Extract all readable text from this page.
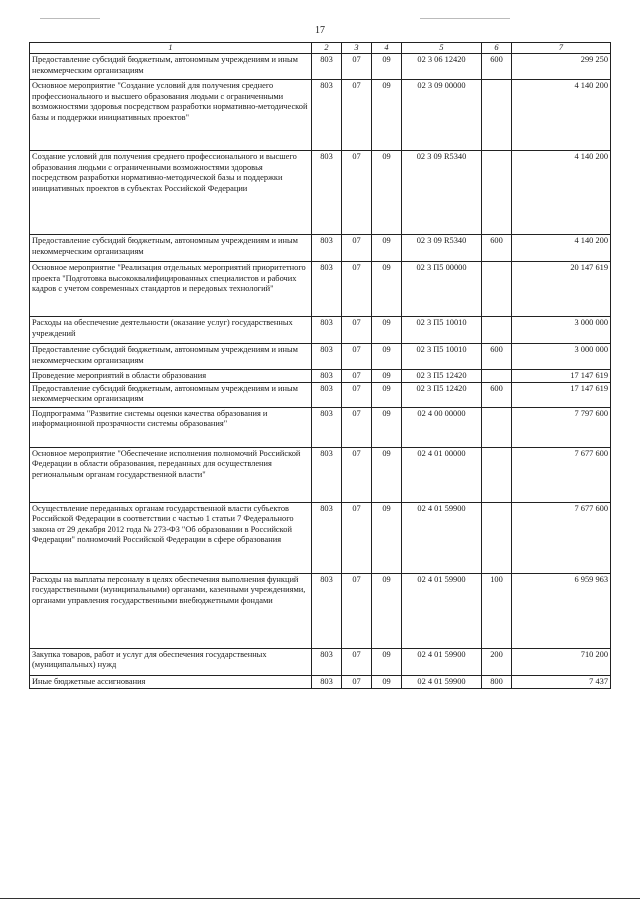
17
1	2	3	4	5	6	7
Предоставление субсидий бюджетным, автономным учреждениям и иным некоммерческим организациям	803	07	09	02 3 06 12420	600	299 250
Основное мероприятие "Создание условий для получения среднего профессионального и высшего образования людьми с ограниченными возможностями здоровья посредством разработки нормативно-методической базы и поддержки инициативных проектов"	803	07	09	02 3 09 00000		4 140 200
Создание условий для получения среднего профессионального и высшего образования людьми с ограниченными возможностями здоровья посредством разработки нормативно-методической базы и поддержки инициативных проектов в субъектах Российской Федерации	803	07	09	02 3 09 R5340		4 140 200
Предоставление субсидий бюджетным, автономным учреждениям и иным некоммерческим организациям	803	07	09	02 3 09 R5340	600	4 140 200
Основное мероприятие "Реализация отдельных мероприятий приоритетного проекта "Подготовка высококвалифицированных специалистов и рабочих кадров с учетом современных стандартов и передовых технологий"	803	07	09	02 3 П5 00000		20 147 619
Расходы на обеспечение деятельности (оказание услуг) государственных учреждений	803	07	09	02 3 П5 10010		3 000 000
Предоставление субсидий бюджетным, автономным учреждениям и иным некоммерческим организациям	803	07	09	02 3 П5 10010	600	3 000 000
Проведение мероприятий в области образования	803	07	09	02 3 П5 12420		17 147 619
Предоставление субсидий бюджетным, автономным учреждениям и иным некоммерческим организациям	803	07	09	02 3 П5 12420	600	17 147 619
Подпрограмма "Развитие системы оценки качества образования и информационной прозрачности системы образования"	803	07	09	02 4 00 00000		7 797 600
Основное мероприятие "Обеспечение исполнения полномочий Российской Федерации в области образования, переданных для осуществления региональным органам государственной власти"	803	07	09	02 4 01 00000		7 677 600
Осуществление переданных органам государственной власти субъектов Российской Федерации в соответствии с частью 1 статьи 7 Федерального закона от 29 декабря 2012 года № 273-ФЗ "Об образовании в Российской Федерации" полномочий Российской Федерации в сфере образования	803	07	09	02 4 01 59900		7 677 600
Расходы на выплаты персоналу в целях обеспечения выполнения функций государственными (муниципальными) органами, казенными учреждениями, органами управления государственными внебюджетными фондами	803	07	09	02 4 01 59900	100	6 959 963
Закупка товаров, работ и услуг для обеспечения государственных (муниципальных) нужд	803	07	09	02 4 01 59900	200	710 200
Иные бюджетные ассигнования	803	07	09	02 4 01 59900	800	7 437
